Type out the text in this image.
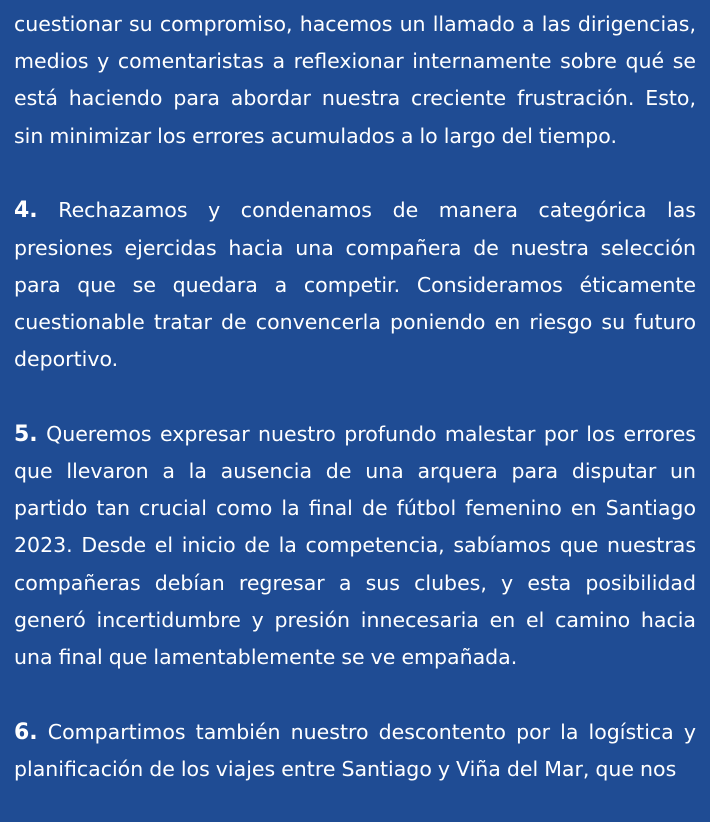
cuestionar su compromiso, hacemos un llamado a las dirigencias, medios y comentaristas a reflexionar internamente sobre qué se está haciendo para abordar nuestra creciente frustración. Esto, sin minimizar los errores acumulados a lo largo del tiempo.

4. Rechazamos y condenamos de manera categórica las presiones ejercidas hacia una compañera de nuestra selección para que se quedara a competir. Consideramos éticamente cuestionable tratar de convencerla poniendo en riesgo su futuro deportivo.

5. Queremos expresar nuestro profundo malestar por los errores que llevaron a la ausencia de una arquera para disputar un partido tan crucial como la final de fútbol femenino en Santiago 2023. Desde el inicio de la competencia, sabíamos que nuestras compañeras debían regresar a sus clubes, y esta posibilidad generó incertidumbre y presión innecesaria en el camino hacia una final que lamentablemente se ve empañada.

6. Compartimos también nuestro descontento por la logística y planificación de los viajes entre Santiago y Viña del Mar, que nos
